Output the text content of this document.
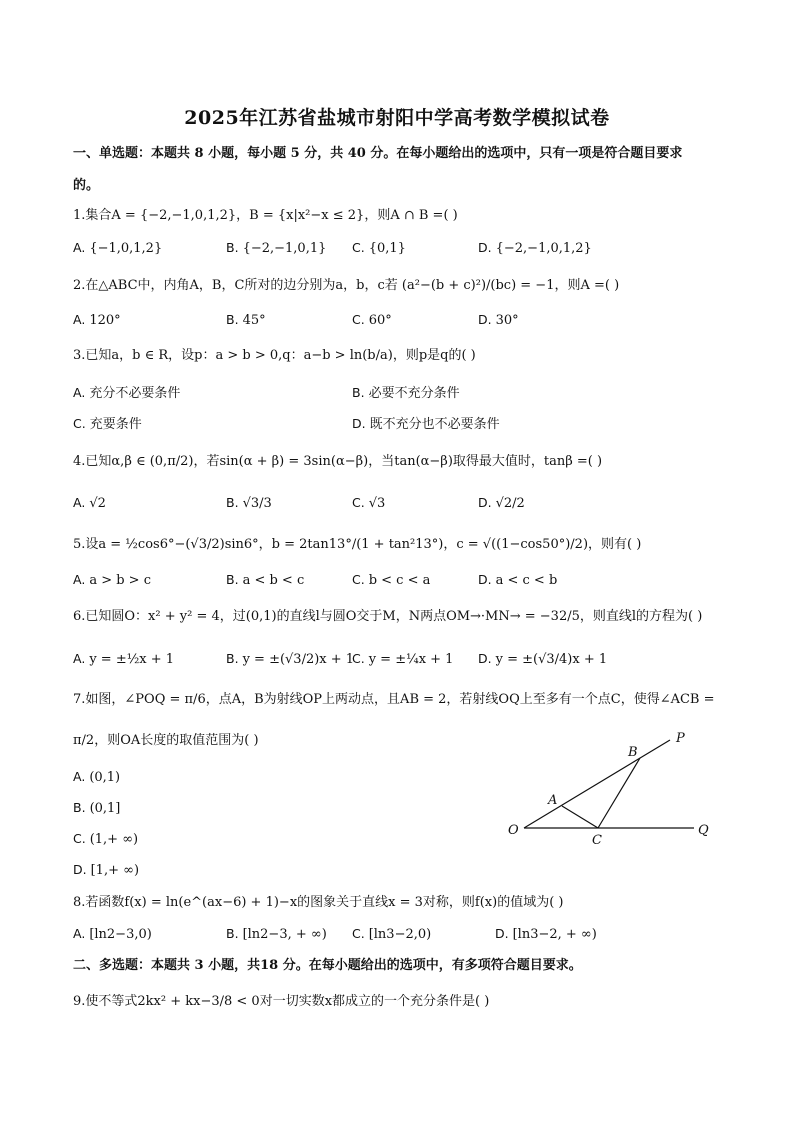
2025年江苏省盐城市射阳中学高考数学模拟试卷
一、单选题：本题共 8 小题，每小题 5 分，共 40 分。在每小题给出的选项中，只有一项是符合题目要求
的。
1.集合A = {−2,−1,0,1,2}，B = {x|x²−x ≤ 2}，则A ∩ B =( )
A. {−1,0,1,2}	B. {−2,−1,0,1} C. {0,1}	D. {−2,−1,0,1,2}
2.在△ABC中，内角A，B，C所对的边分别为a，b，c若 (a²−(b + c)²)/(bc) = −1，则A =( )
A. 120°	B. 45°	C. 60°	D. 30°
3.已知a，b ∈ R，设p：a > b > 0,q：a−b > ln(b/a)，则p是q的( )
A. 充分不必要条件	B. 必要不充分条件
C. 充要条件	D. 既不充分也不必要条件
4.已知α,β ∈ (0,π/2)，若sin(α + β) = 3sin(α−β)，当tan(α−β)取得最大值时，tanβ =( )
A. √2	B. √3/3	C. √3	D. √2/2
5.设a = ½cos6°−(√3/2)sin6°，b = 2tan13°/(1 + tan²13°)，c = √((1−cos50°)/2)，则有( )
A. a > b > c	B. a < b < c	C. b < c < a	D. a < c < b
6.已知圆O：x² + y² = 4，过(0,1)的直线l与圆O交于M，N两点OM→·MN→ = −32/5，则直线l的方程为( )
A. y = ±½x + 1	B. y = ±(√3/2)x + 1
C. y = ±¼x + 1 D. y = ±(√3/4)x + 1
7.如图，∠POQ = π/6，点A，B为射线OP上两动点，且AB = 2，若射线OQ上至多有一个点C，使得∠ACB =
π/2，则OA长度的取值范围为( )
A. (0,1)
B. (0,1]
C. (1,+ ∞)
D. [1,+ ∞)
P
B
A
O
C
Q
8.若函数f(x) = ln(e^(ax−6) + 1)−x的图象关于直线x = 3对称，则f(x)的值域为( )
A. [ln2−3,0)	B. [ln2−3, + ∞) C. [ln3−2,0)	D. [ln3−2, + ∞)
二、多选题：本题共 3 小题，共18 分。在每小题给出的选项中，有多项符合题目要求。
9.使不等式2kx² + kx−3/8 < 0对一切实数x都成立的一个充分条件是( )
